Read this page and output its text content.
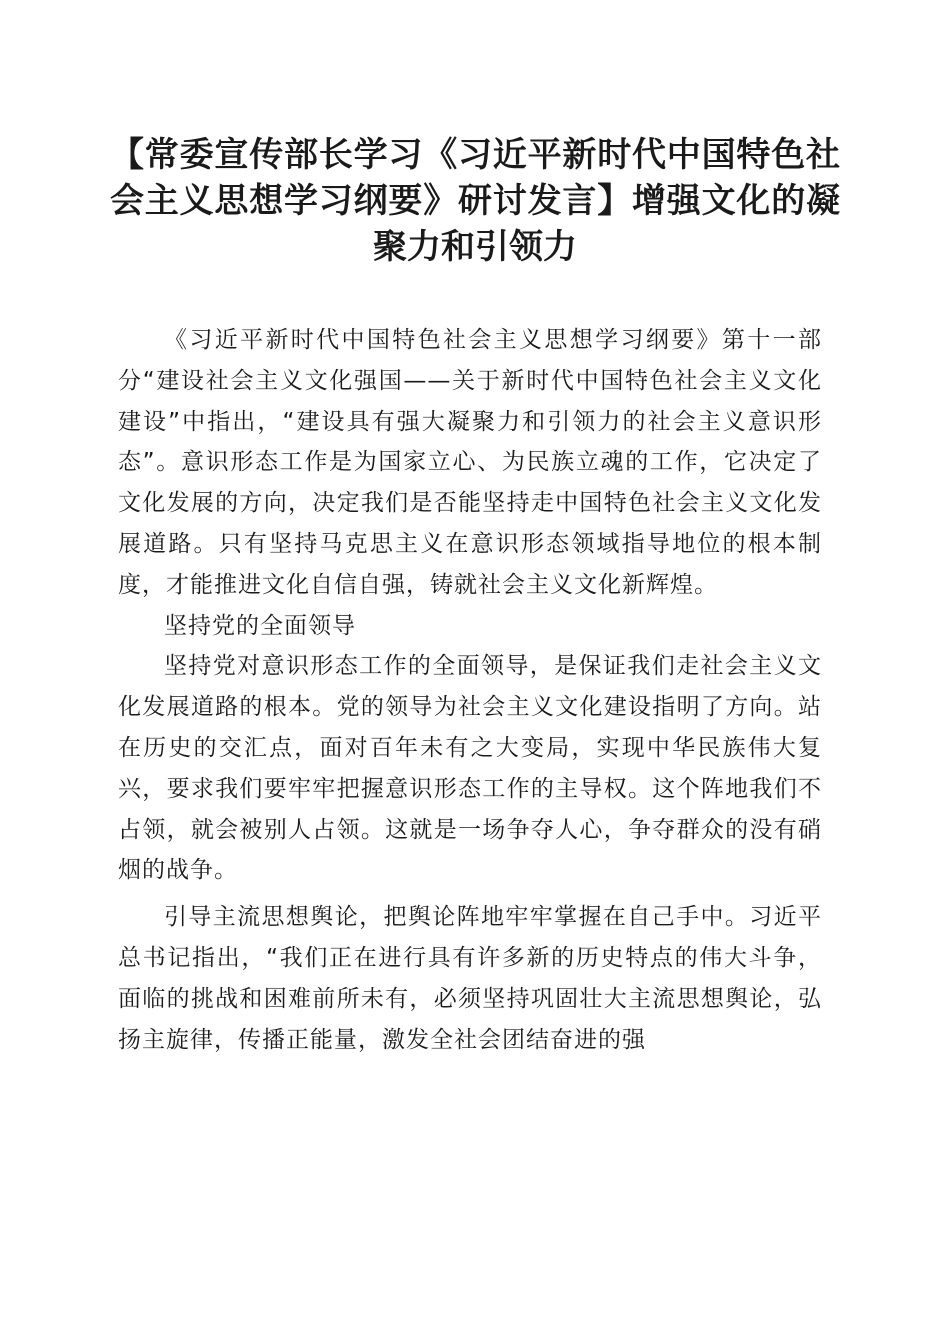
【常委宣传部长学习《习近平新时代中国特色社会主义思想学习纲要》研讨发言】增强文化的凝聚力和引领力

《习近平新时代中国特色社会主义思想学习纲要》第十一部分“建设社会主义文化强国——关于新时代中国特色社会主义文化建设”中指出，“建设具有强大凝聚力和引领力的社会主义意识形态”。意识形态工作是为国家立心、为民族立魂的工作，它决定了文化发展的方向，决定我们是否能坚持走中国特色社会主义文化发展道路。只有坚持马克思主义在意识形态领域指导地位的根本制度，才能推进文化自信自强，铸就社会主义文化新辉煌。

坚持党的全面领导

坚持党对意识形态工作的全面领导，是保证我们走社会主义文化发展道路的根本。党的领导为社会主义文化建设指明了方向。站在历史的交汇点，面对百年未有之大变局，实现中华民族伟大复兴，要求我们要牢牢把握意识形态工作的主导权。这个阵地我们不占领，就会被别人占领。这就是一场争夺人心，争夺群众的没有硝烟的战争。

引导主流思想舆论，把舆论阵地牢牢掌握在自己手中。习近平总书记指出，“我们正在进行具有许多新的历史特点的伟大斗争，面临的挑战和困难前所未有，必须坚持巩固壮大主流思想舆论，弘扬主旋律，传播正能量，激发全社会团结奋进的强
